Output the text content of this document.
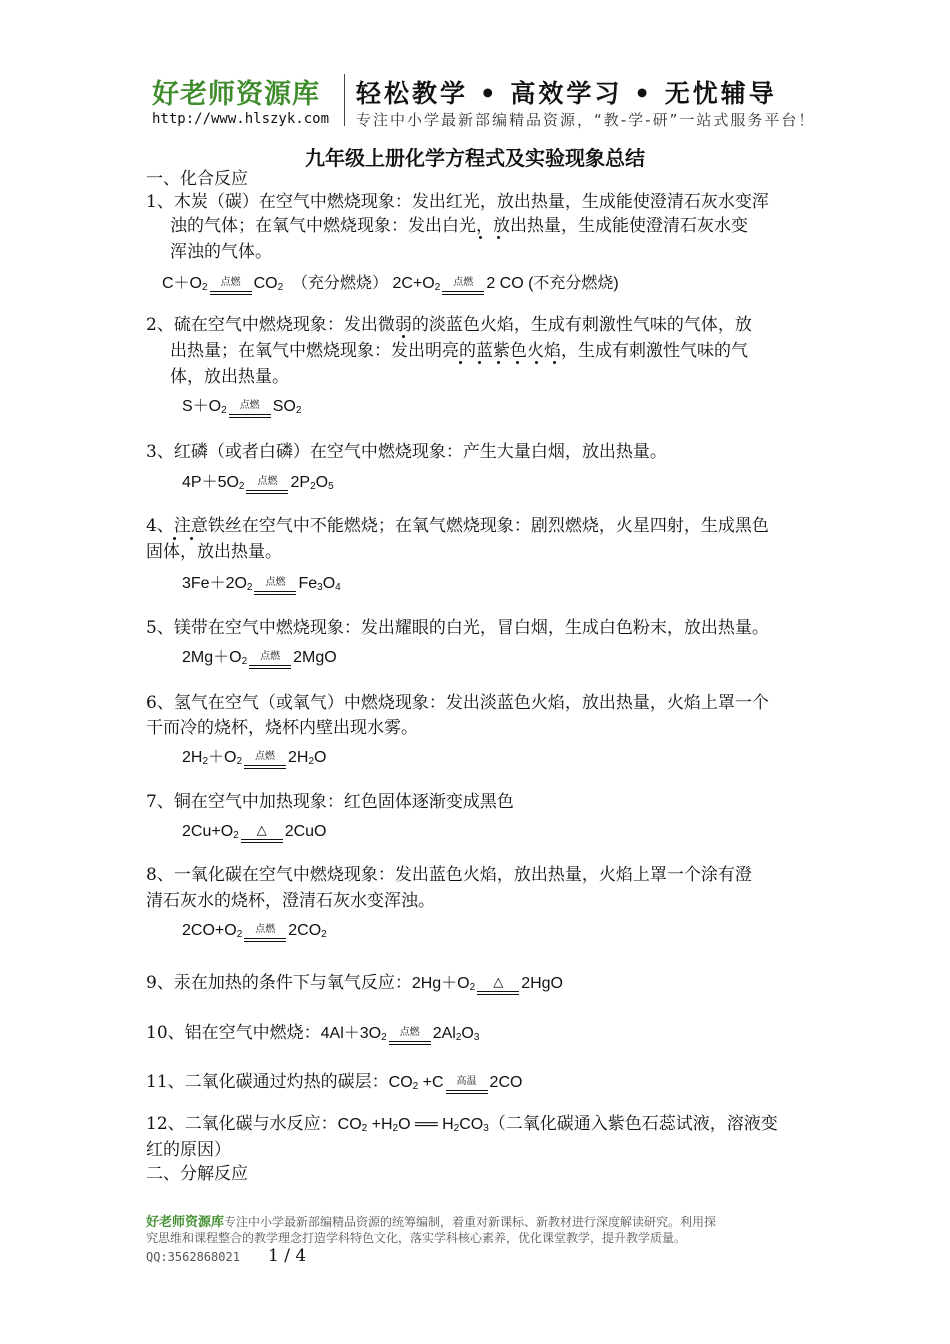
好老师资源库 轻松教学 • 高效学习 • 无忧辅导
http://www.hlszyk.com 专注中小学最新部编精品资源，“教-学-研”一站式服务平台！
九年级上册化学方程式及实验现象总结
一、化合反应
1、木炭（碳）在空气中燃烧现象：发出红光，放出热量，生成能使澄清石灰水变浑
浊的气体；在氧气中燃烧现象：发出白光，放出热量，生成能使澄清石灰水变
浑浊的气体。
$C+O_2$	点燃 $CO_2$ （充分燃烧） $2C+O_2$	点燃 2 CO (不充分燃烧)
2、硫在空气中燃烧现象：发出微弱的淡蓝色火焰，生成有刺激性气味的气体，放
出热量；在氧气中燃烧现象：发出明亮的蓝紫色火焰，生成有刺激性气味的气
体，放出热量。
$S+O_2$	点燃 $SO_2$
3、红磷（或者白磷）在空气中燃烧现象：产生大量白烟，放出热量。
$4P+5O_2$	点燃 $2P_2O_5$
4、注意铁丝在空气中不能燃烧；在氧气燃烧现象：剧烈燃烧，火星四射，生成黑色
固体，放出热量。
$3Fe+2O_2$	点燃 $Fe_3O_4$
5、镁带在空气中燃烧现象：发出耀眼的白光，冒白烟，生成白色粉末，放出热量。
$2Mg+O_2$	点燃 2MgO
6、氢气在空气（或氧气）中燃烧现象：发出淡蓝色火焰，放出热量，火焰上罩一个
干而冷的烧杯，烧杯内壁出现水雾。
$2H_2+O_2$	点燃 $2H_2O$
7、铜在空气中加热现象：红色固体逐渐变成黑色
$2Cu+O_2$	△	2CuO
8、一氧化碳在空气中燃烧现象：发出蓝色火焰，放出热量，火焰上罩一个涂有澄
清石灰水的烧杯，澄清石灰水变浑浊。
$2CO+O_2$	点燃 $2CO_2$
9、汞在加热的条件下与氧气反应：$2Hg+O_2$	△	2HgO
10、铝在空气中燃烧：$4Al+3O_2$	点燃 $2Al_2O_3$
11、二氧化碳通过灼热的碳层：$CO_2 +C$	高温 2CO
12、二氧化碳与水反应：$CO_2 +H_2O$ ══ $H_2CO_3$（二氧化碳通入紫色石蕊试液，溶液变
红的原因）
二、分解反应
好老师资源库专注中小学最新部编精品资源的统筹编制，着重对新课标、新教材进行深度解读研究。利用探
究思维和课程整合的教学理念打造学科特色文化，落实学科核心素养，优化课堂教学，提升教学质量。
QQ:3562868021 1 / 4
